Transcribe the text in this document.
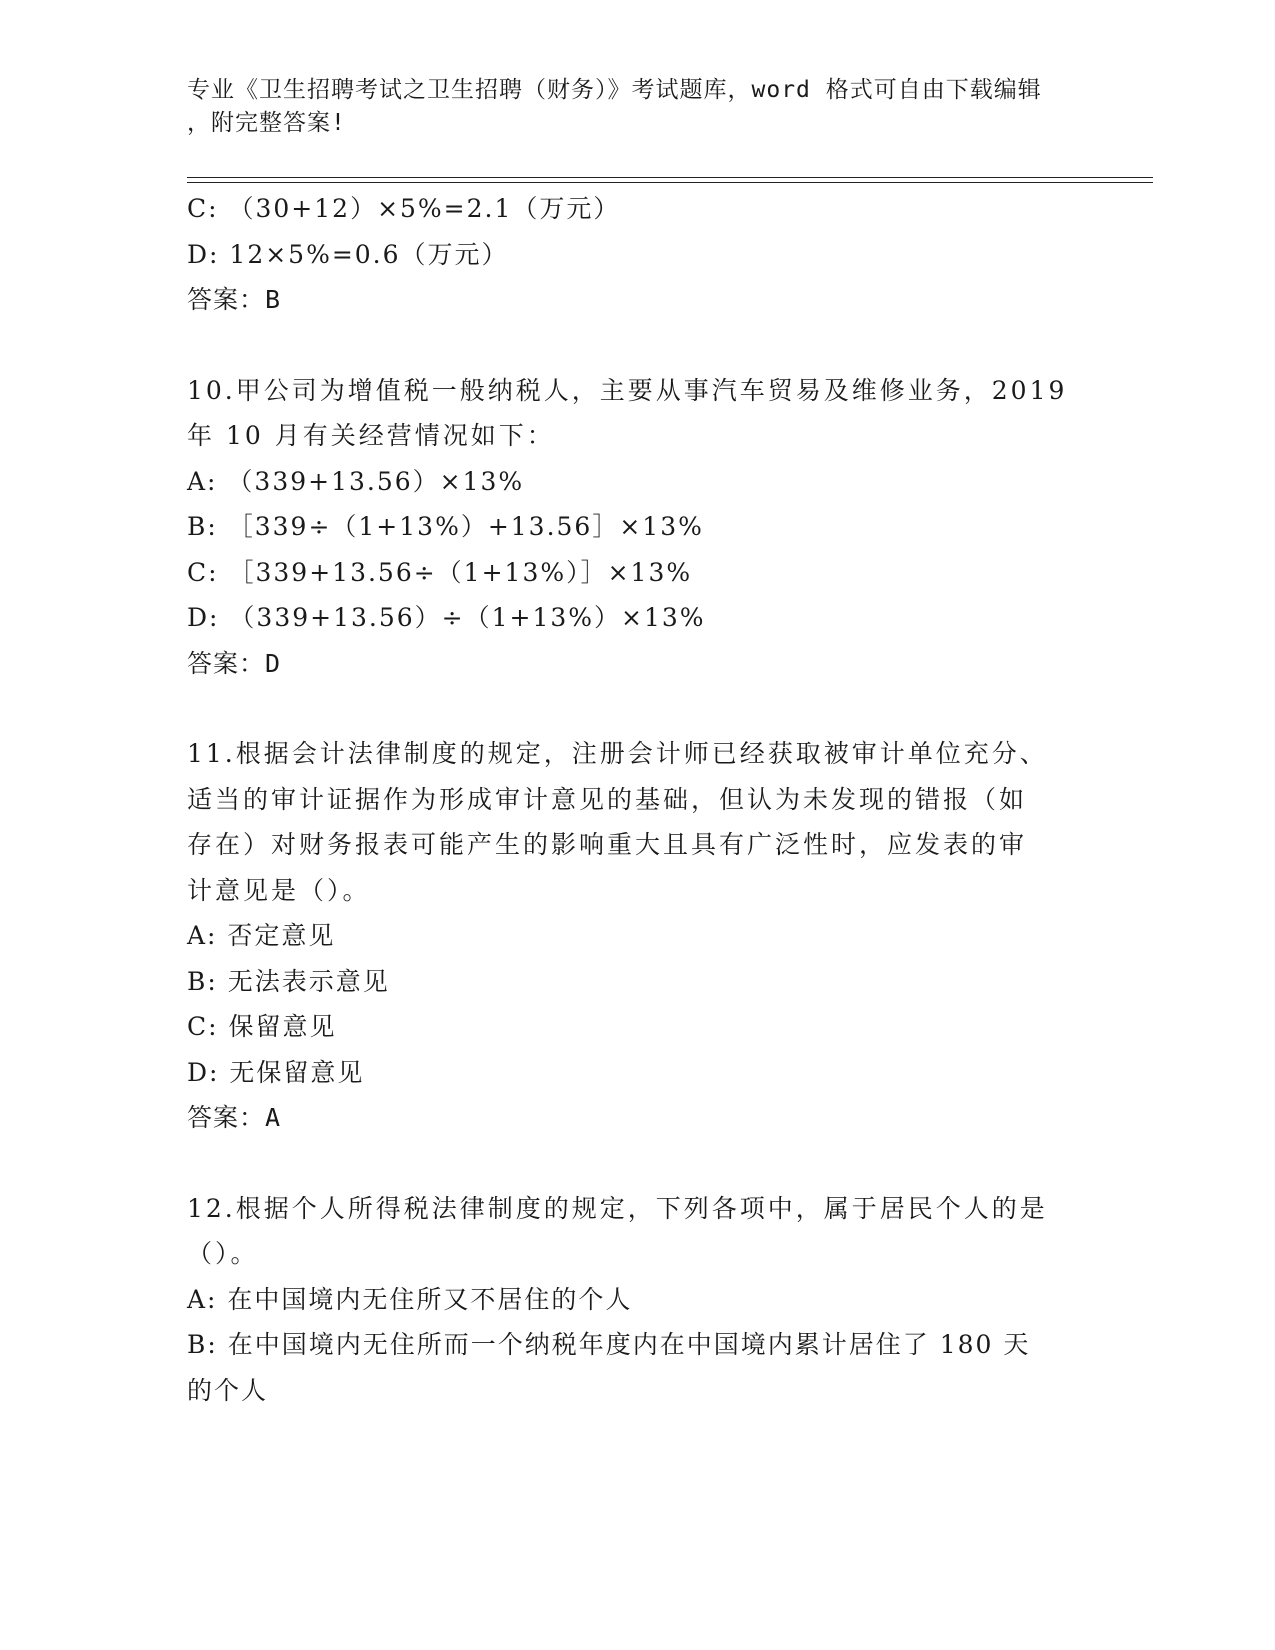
专业《卫生招聘考试之卫生招聘（财务）》考试题库，word 格式可自由下载编辑
，附完整答案!
C: （30+12）×5%=2.1（万元）
D: 12×5%=0.6（万元）
答案：B
10.甲公司为增值税一般纳税人，主要从事汽车贸易及维修业务，2019
年 10 月有关经营情况如下：
A: （339+13.56）×13%
B: ［339÷（1+13%）+13.56］×13%
C: ［339+13.56÷（1+13%）］×13%
D: （339+13.56）÷（1+13%）×13%
答案：D
11.根据会计法律制度的规定，注册会计师已经获取被审计单位充分、
适当的审计证据作为形成审计意见的基础，但认为未发现的错报（如
存在）对财务报表可能产生的影响重大且具有广泛性时，应发表的审
计意见是（）。
A: 否定意见
B: 无法表示意见
C: 保留意见
D: 无保留意见
答案：A
12.根据个人所得税法律制度的规定，下列各项中，属于居民个人的是
（）。
A: 在中国境内无住所又不居住的个人
B: 在中国境内无住所而一个纳税年度内在中国境内累计居住了 180 天
的个人
